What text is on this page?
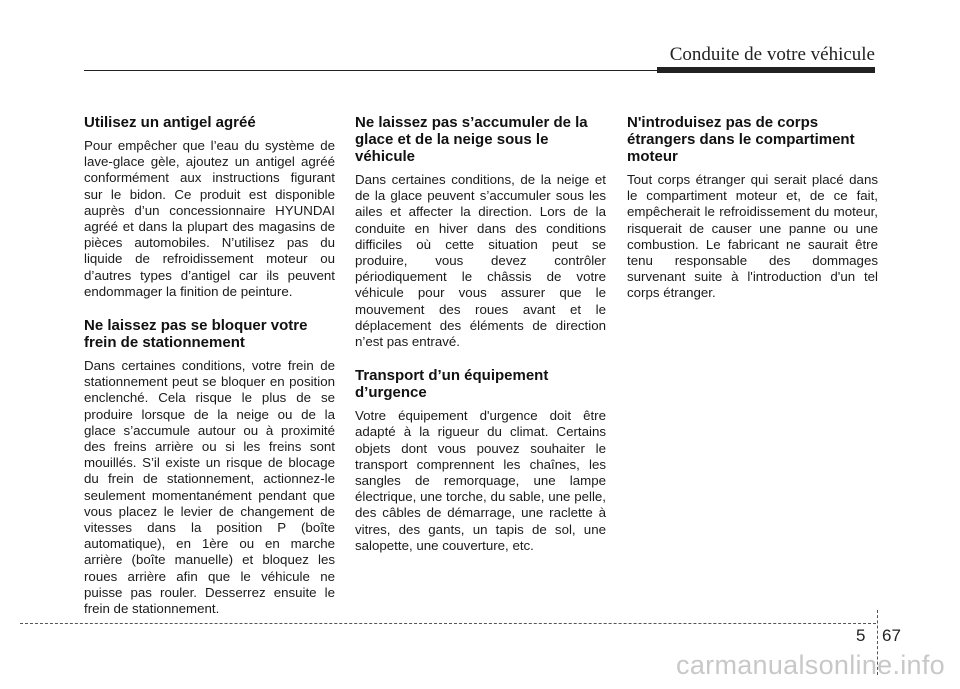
Conduite de votre véhicule
Utilisez un antigel agréé

Pour empêcher que l’eau du système de lave-glace gèle, ajoutez un antigel agréé conformément aux instructions figurant sur le bidon. Ce produit est disponible auprès d’un concessionnaire HYUNDAI agréé et dans la plupart des magasins de pièces automobiles. N’utilisez pas du liquide de refroidissement moteur ou d’autres types d’antigel car ils peuvent endommager la finition de peinture.

Ne laissez pas se bloquer votre frein de stationnement

Dans certaines conditions, votre frein de stationnement peut se bloquer en position enclenché. Cela risque le plus de se produire lorsque de la neige ou de la glace s’accumule autour ou à proximité des freins arrière ou si les freins sont mouillés. S’il existe un risque de blocage du frein de stationnement, actionnez-le seulement momentanément pendant que vous placez le levier de changement de vitesses dans la position P (boîte automatique), en 1ère ou en marche arrière (boîte manuelle) et bloquez les roues arrière afin que le véhicule ne puisse pas rouler. Desserrez ensuite le frein de stationnement.

Ne laissez pas s’accumuler de la glace et de la neige sous le véhicule

Dans certaines conditions, de la neige et de la glace peuvent s’accumuler sous les ailes et affecter la direction. Lors de la conduite en hiver dans des conditions difficiles où cette situation peut se produire, vous devez contrôler périodiquement le châssis de votre véhicule pour vous assurer que le mouvement des roues avant et le déplacement des éléments de direction n’est pas entravé.

Transport d’un équipement d’urgence

Votre équipement d'urgence doit être adapté à la rigueur du climat. Certains objets dont vous pouvez souhaiter le transport comprennent les chaînes, les sangles de remorquage, une lampe électrique, une torche, du sable, une pelle, des câbles de démarrage, une raclette à vitres, des gants, un tapis de sol, une salopette, une couverture, etc.

N'introduisez pas de corps étrangers dans le compartiment moteur

Tout corps étranger qui serait placé dans le compartiment moteur et, de ce fait, empêcherait le refroidissement du moteur, risquerait de causer une panne ou une combustion. Le fabricant ne saurait être tenu responsable des dommages survenant suite à l'introduction d'un tel corps étranger.

5 67
carmanualsonline.info
